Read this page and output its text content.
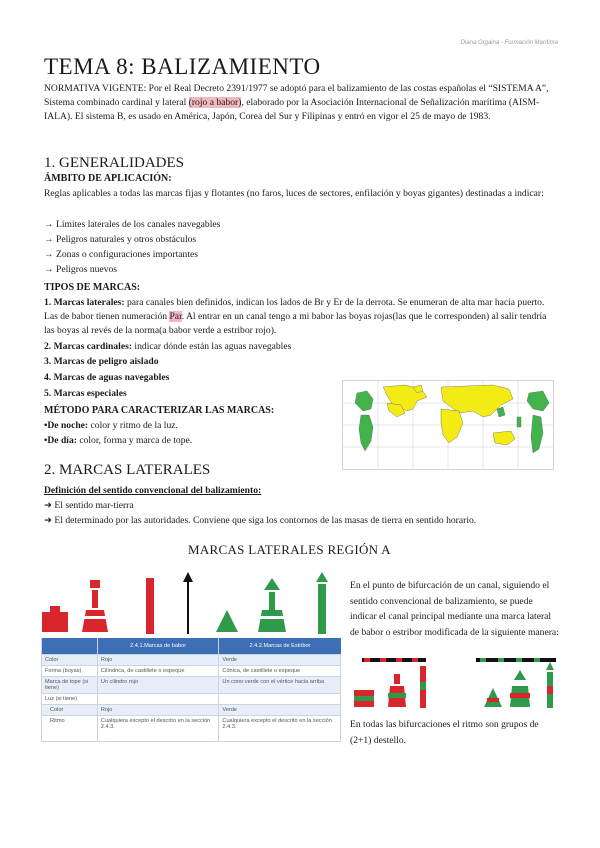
Diana Orgaina - Formación Marítima
TEMA 8: BALIZAMIENTO
NORMATIVA VIGENTE: Por el Real Decreto 2391/1977 se adoptó para el balizamiento de las costas españolas el “SISTEMA A”, Sistema combinado cardinal y lateral (rojo a babor), elaborado por la Asociación Internacional de Señalización marítima (AISM-IALA). El sistema B, es usado en América, Japón, Corea del Sur y Filipinas y entró en vigor el 25 de mayo de 1983.
1. GENERALIDADES
ÁMBITO DE APLICACIÓN:
Reglas aplicables a todas las marcas fijas y flotantes (no faros, luces de sectores, enfilación y boyas gigantes) destinadas a indicar:
→ Límites laterales de los canales navegables
→ Peligros naturales y otros obstáculos
→ Zonas o configuraciones importantes
→ Peligros nuevos
TIPOS DE MARCAS:
1. Marcas laterales: para canales bien definidos, indican los lados de Br y Er de la derrota. Se enumeran de alta mar hacia puerto. Las de babor tienen numeración Par. Al entrar en un canal tengo a mi babor las boyas rojas(las que le corresponden) al salir tendría las boyas al revés de la norma(a babor verde a estribor rojo).
2. Marcas cardinales: indicar dónde están las aguas navegables
3. Marcas de peligro aislado
4. Marcas de aguas navegables
5. Marcas especiales
MÉTODO PARA CARACTERIZAR LAS MARCAS:
•De noche: color y ritmo de la luz.
•De día: color, forma y marca de tope.
2. MARCAS LATERALES
Definición del sentido convencional del balizamiento:
➜ El sentido mar-tierra
➜ El determinado por las autoridades. Conviene que siga los contornos de las masas de tierra en sentido horario.
MARCAS LATERALES REGIÓN A
	2.4.1.Marcas de babor	2.4.2.Marcas de Estribor
Color	Rojo	Verde
Forma (boyas)	Cilíndrica, de castillete o espeque	Cónica, de castillete o espeque
Marca de tope (si tiene)	Un cilindro rojo	Un cono verde con el vértice hacia arriba
Luz (si tiene)		
Color	Rojo	Verde
Ritmo	Cualquiera excepto el descrito en la sección 2.4.3.	Cualquiera excepto el descrito en la sección 2.4.3.
En el punto de bifurcación de un canal, siguiendo el sentido convencional de balizamiento, se puede indicar el canal principal mediante una marca lateral de babor o estribor modificada de la siguiente manera:
En todas las bifurcaciones el ritmo son grupos de (2+1) destello.
